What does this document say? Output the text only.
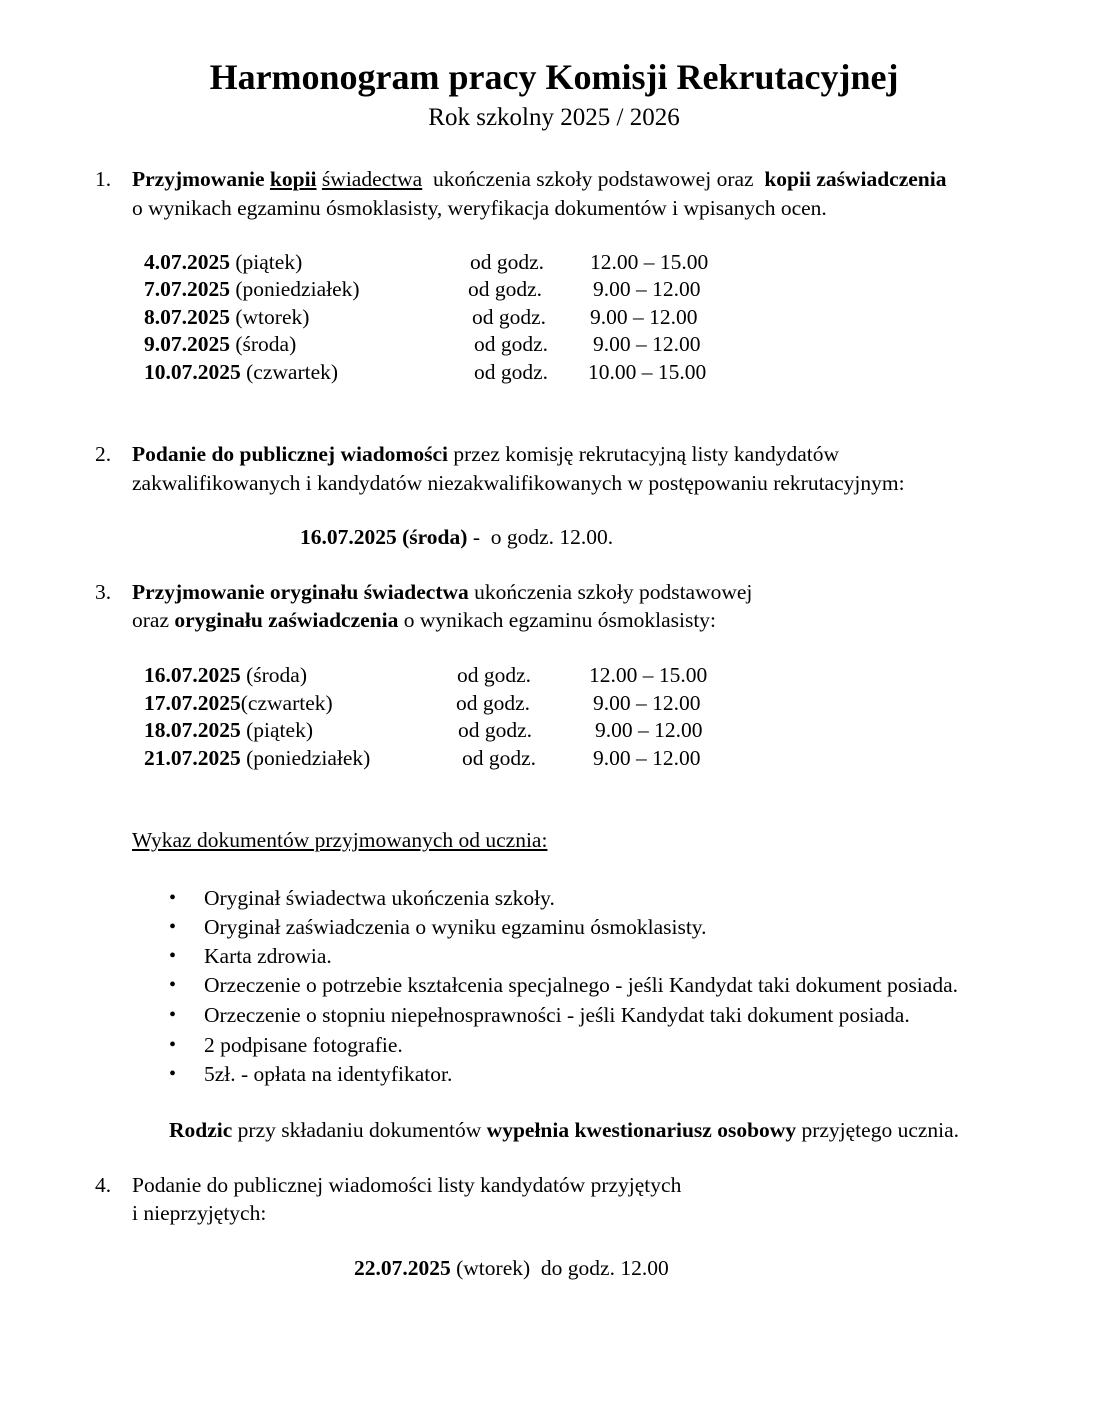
Harmonogram pracy Komisji Rekrutacyjnej
Rok szkolny 2025 / 2026
1. Przyjmowanie kopii świadectwa  ukończenia szkoły podstawowej oraz  kopii zaświadczenia
o wynikach egzaminu ósmoklasisty, weryfikacja dokumentów i wpisanych ocen.
4.07.2025 (piątek)	od godz. 12.00 – 15.00
7.07.2025 (poniedziałek)	od godz. 9.00 – 12.00
8.07.2025 (wtorek)	od godz. 9.00 – 12.00
9.07.2025 (środa)	od godz. 9.00 – 12.00
10.07.2025 (czwartek)	od godz. 10.00 – 15.00
2. Podanie do publicznej wiadomości przez komisję rekrutacyjną listy kandydatów
zakwalifikowanych i kandydatów niezakwalifikowanych w postępowaniu rekrutacyjnym:
16.07.2025 (środa) -  o godz. 12.00.
3. Przyjmowanie oryginału świadectwa ukończenia szkoły podstawowej
oraz oryginału zaświadczenia o wynikach egzaminu ósmoklasisty:
16.07.2025 (środa)	od godz.	12.00 – 15.00
17.07.2025(czwartek)	od godz.	9.00 – 12.00
18.07.2025 (piątek)	od godz.	9.00 – 12.00
21.07.2025 (poniedziałek)	od godz.	9.00 – 12.00
Wykaz dokumentów przyjmowanych od ucznia:
• Oryginał świadectwa ukończenia szkoły.
• Oryginał zaświadczenia o wyniku egzaminu ósmoklasisty.
• Karta zdrowia.
• Orzeczenie o potrzebie kształcenia specjalnego - jeśli Kandydat taki dokument posiada.
• Orzeczenie o stopniu niepełnosprawności - jeśli Kandydat taki dokument posiada.
• 2 podpisane fotografie.
• 5zł. - opłata na identyfikator.
Rodzic przy składaniu dokumentów wypełnia kwestionariusz osobowy przyjętego ucznia.
4. Podanie do publicznej wiadomości listy kandydatów przyjętych
i nieprzyjętych:
22.07.2025 (wtorek)  do godz. 12.00
